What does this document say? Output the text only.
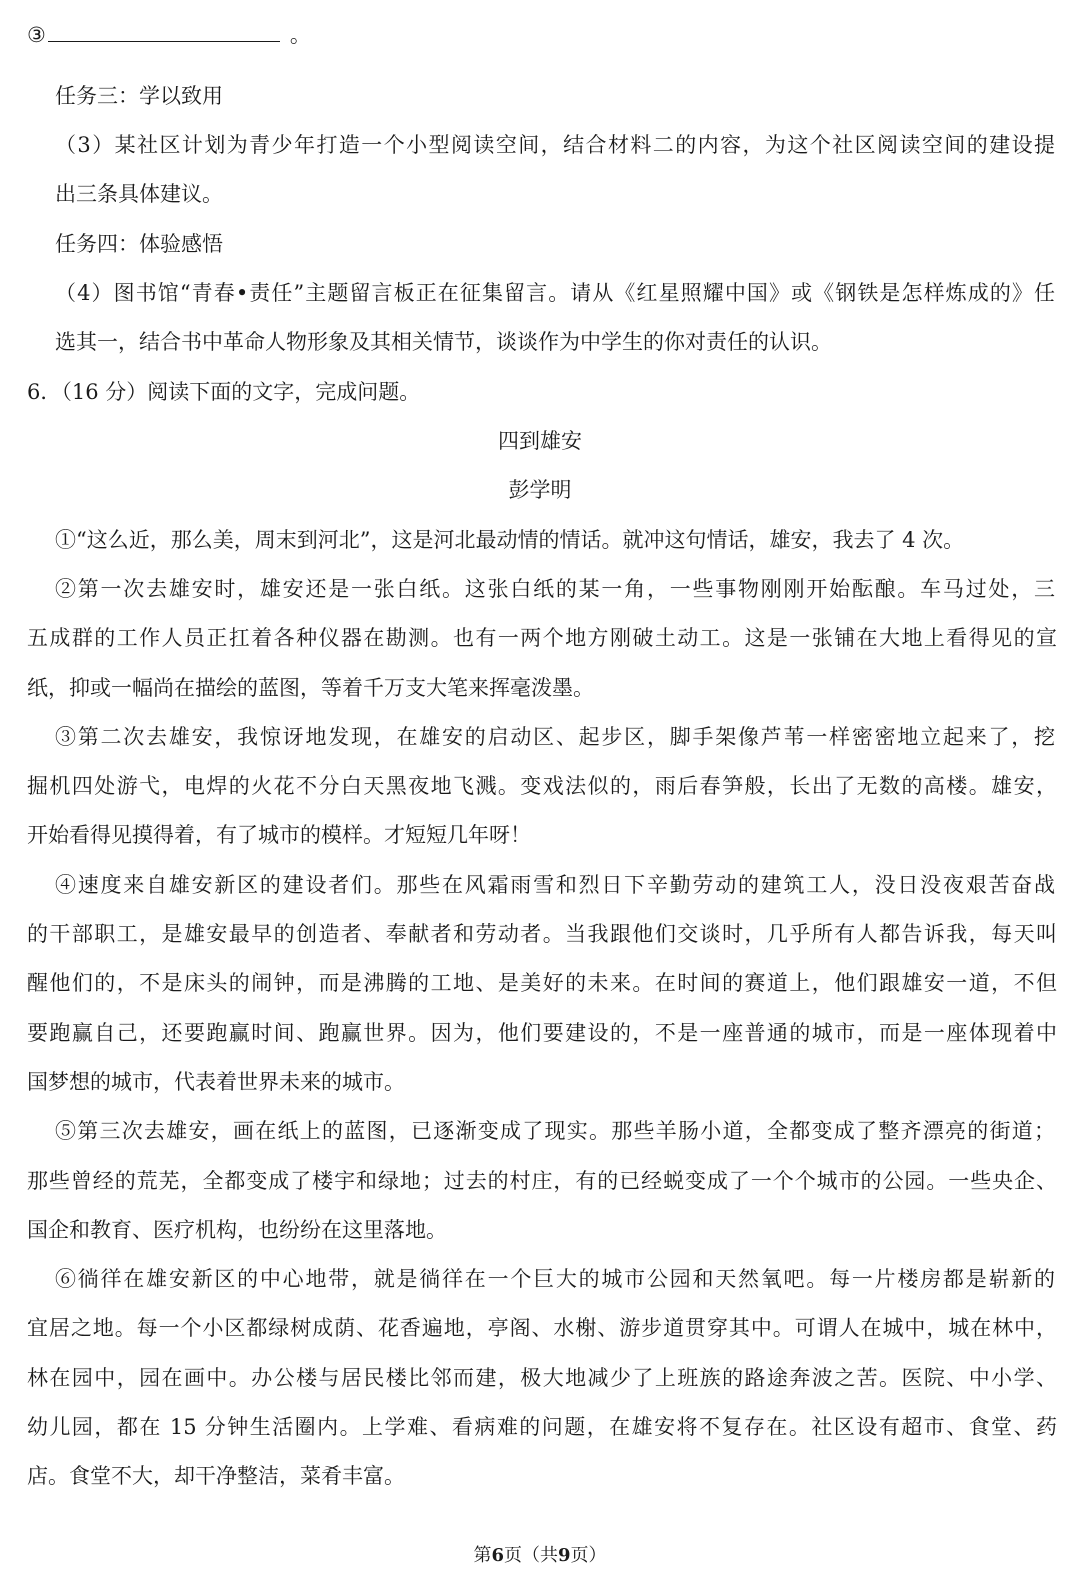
③	。
任务三：学以致用
（3）某社区计划为青少年打造一个小型阅读空间，结合材料二的内容，为这个社区阅读空间的建设提
出三条具体建议。
任务四：体验感悟
（4）图书馆“青春•责任”主题留言板正在征集留言。请从《红星照耀中国》或《钢铁是怎样炼成的》任
选其一，结合书中革命人物形象及其相关情节，谈谈作为中学生的你对责任的认识。
6．（16 分）阅读下面的文字，完成问题。
四到雄安
彭学明
①“这么近，那么美，周末到河北”，这是河北最动情的情话。就冲这句情话，雄安，我去了 4 次。
②第一次去雄安时，雄安还是一张白纸。这张白纸的某一角，一些事物刚刚开始酝酿。车马过处，三
五成群的工作人员正扛着各种仪器在勘测。也有一两个地方刚破土动工。这是一张铺在大地上看得见的宣
纸，抑或一幅尚在描绘的蓝图，等着千万支大笔来挥毫泼墨。
③第二次去雄安，我惊讶地发现，在雄安的启动区、起步区，脚手架像芦苇一样密密地立起来了，挖
掘机四处游弋，电焊的火花不分白天黑夜地飞溅。变戏法似的，雨后春笋般，长出了无数的高楼。雄安，
开始看得见摸得着，有了城市的模样。才短短几年呀！
④速度来自雄安新区的建设者们。那些在风霜雨雪和烈日下辛勤劳动的建筑工人，没日没夜艰苦奋战
的干部职工，是雄安最早的创造者、奉献者和劳动者。当我跟他们交谈时，几乎所有人都告诉我，每天叫
醒他们的，不是床头的闹钟，而是沸腾的工地、是美好的未来。在时间的赛道上，他们跟雄安一道，不但
要跑赢自己，还要跑赢时间、跑赢世界。因为，他们要建设的，不是一座普通的城市，而是一座体现着中
国梦想的城市，代表着世界未来的城市。
⑤第三次去雄安，画在纸上的蓝图，已逐渐变成了现实。那些羊肠小道，全都变成了整齐漂亮的街道；
那些曾经的荒芜，全都变成了楼宇和绿地；过去的村庄，有的已经蜕变成了一个个城市的公园。一些央企、
国企和教育、医疗机构，也纷纷在这里落地。
⑥徜徉在雄安新区的中心地带，就是徜徉在一个巨大的城市公园和天然氧吧。每一片楼房都是崭新的
宜居之地。每一个小区都绿树成荫、花香遍地，亭阁、水榭、游步道贯穿其中。可谓人在城中，城在林中，
林在园中，园在画中。办公楼与居民楼比邻而建，极大地减少了上班族的路途奔波之苦。医院、中小学、
幼儿园，都在 15 分钟生活圈内。上学难、看病难的问题，在雄安将不复存在。社区设有超市、食堂、药
店。食堂不大，却干净整洁，菜肴丰富。
第6页（共9页）
